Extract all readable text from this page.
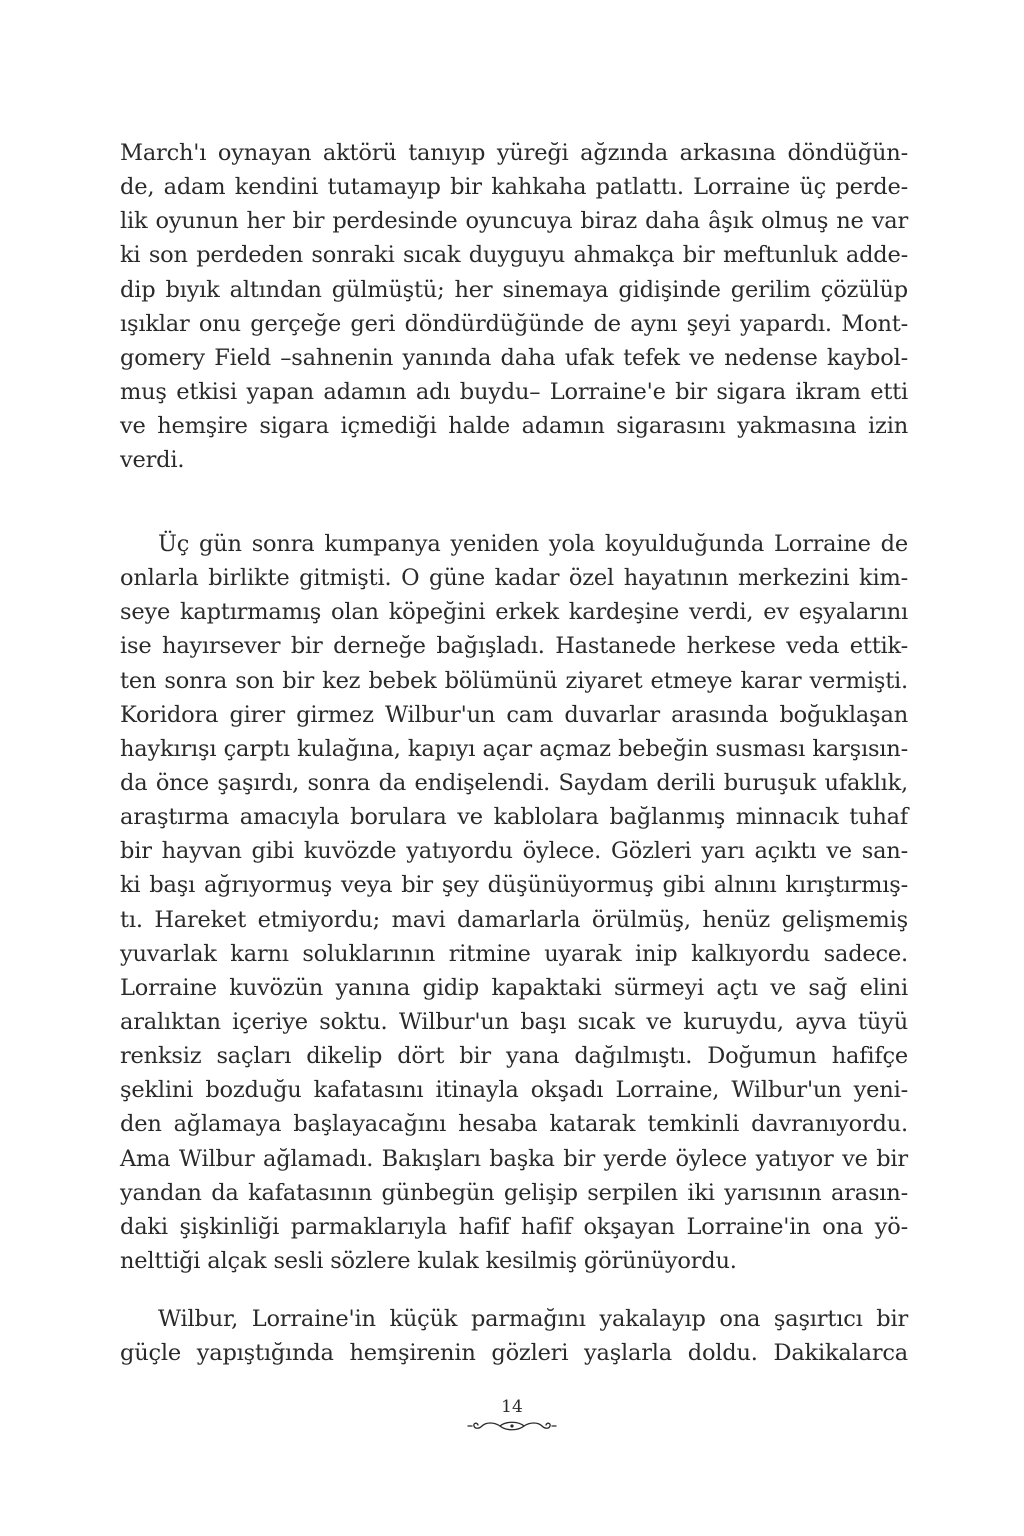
March'ı oynayan aktörü tanıyıp yüreği ağzında arkasına döndüğün-
de, adam kendini tutamayıp bir kahkaha patlattı. Lorraine üç perde-
lik oyunun her bir perdesinde oyuncuya biraz daha âşık olmuş ne var
ki son perdeden sonraki sıcak duyguyu ahmakça bir meftunluk adde-
dip bıyık altından gülmüştü; her sinemaya gidişinde gerilim çözülüp
ışıklar onu gerçeğe geri döndürdüğünde de aynı şeyi yapardı. Mont-
gomery Field –sahnenin yanında daha ufak tefek ve nedense kaybol-
muş etkisi yapan adamın adı buydu– Lorraine'e bir sigara ikram etti
ve hemşire sigara içmediği halde adamın sigarasını yakmasına izin
verdi.
Üç gün sonra kumpanya yeniden yola koyulduğunda Lorraine de
onlarla birlikte gitmişti. O güne kadar özel hayatının merkezini kim-
seye kaptırmamış olan köpeğini erkek kardeşine verdi, ev eşyalarını
ise hayırsever bir derneğe bağışladı. Hastanede herkese veda ettik-
ten sonra son bir kez bebek bölümünü ziyaret etmeye karar vermişti.
Koridora girer girmez Wilbur'un cam duvarlar arasında boğuklaşan
haykırışı çarptı kulağına, kapıyı açar açmaz bebeğin susması karşısın-
da önce şaşırdı, sonra da endişelendi. Saydam derili buruşuk ufaklık,
araştırma amacıyla borulara ve kablolara bağlanmış minnacık tuhaf
bir hayvan gibi kuvözde yatıyordu öylece. Gözleri yarı açıktı ve san-
ki başı ağrıyormuş veya bir şey düşünüyormuş gibi alnını kırıştırmış-
tı. Hareket etmiyordu; mavi damarlarla örülmüş, henüz gelişmemiş
yuvarlak karnı soluklarının ritmine uyarak inip kalkıyordu sadece.
Lorraine kuvözün yanına gidip kapaktaki sürmeyi açtı ve sağ elini
aralıktan içeriye soktu. Wilbur'un başı sıcak ve kuruydu, ayva tüyü
renksiz saçları dikelip dört bir yana dağılmıştı. Doğumun hafifçe
şeklini bozduğu kafatasını itinayla okşadı Lorraine, Wilbur'un yeni-
den ağlamaya başlayacağını hesaba katarak temkinli davranıyordu.
Ama Wilbur ağlamadı. Bakışları başka bir yerde öylece yatıyor ve bir
yandan da kafatasının günbegün gelişip serpilen iki yarısının arasın-
daki şişkinliği parmaklarıyla hafif hafif okşayan Lorraine'in ona yö-
nelttiği alçak sesli sözlere kulak kesilmiş görünüyordu.
Wilbur, Lorraine'in küçük parmağını yakalayıp ona şaşırtıcı bir
güçle yapıştığında hemşirenin gözleri yaşlarla doldu. Dakikalarca
14
